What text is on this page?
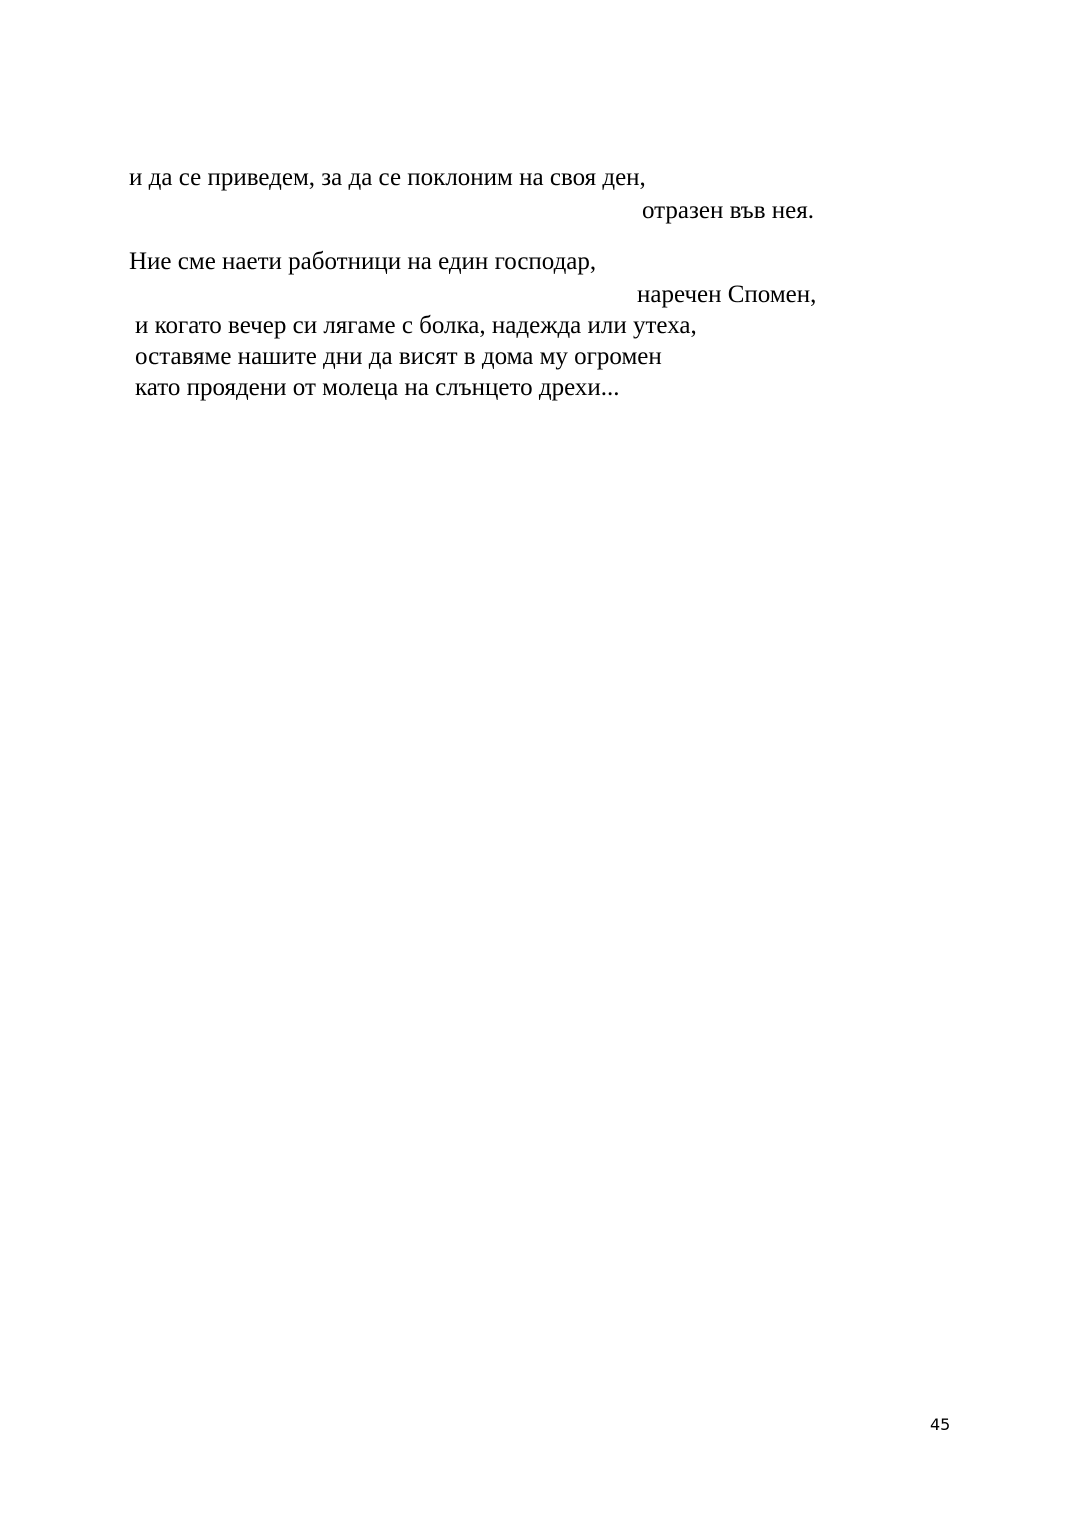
и да се приведем, за да се поклоним на своя ден,
отразен във нея.
Ние сме наети работници на един господар,
наречен Спомен,
и когато вечер си лягаме с болка, надежда или утеха,
оставяме нашите дни да висят в дома му огромен
като проядени от молеца на слънцето дрехи...
45
